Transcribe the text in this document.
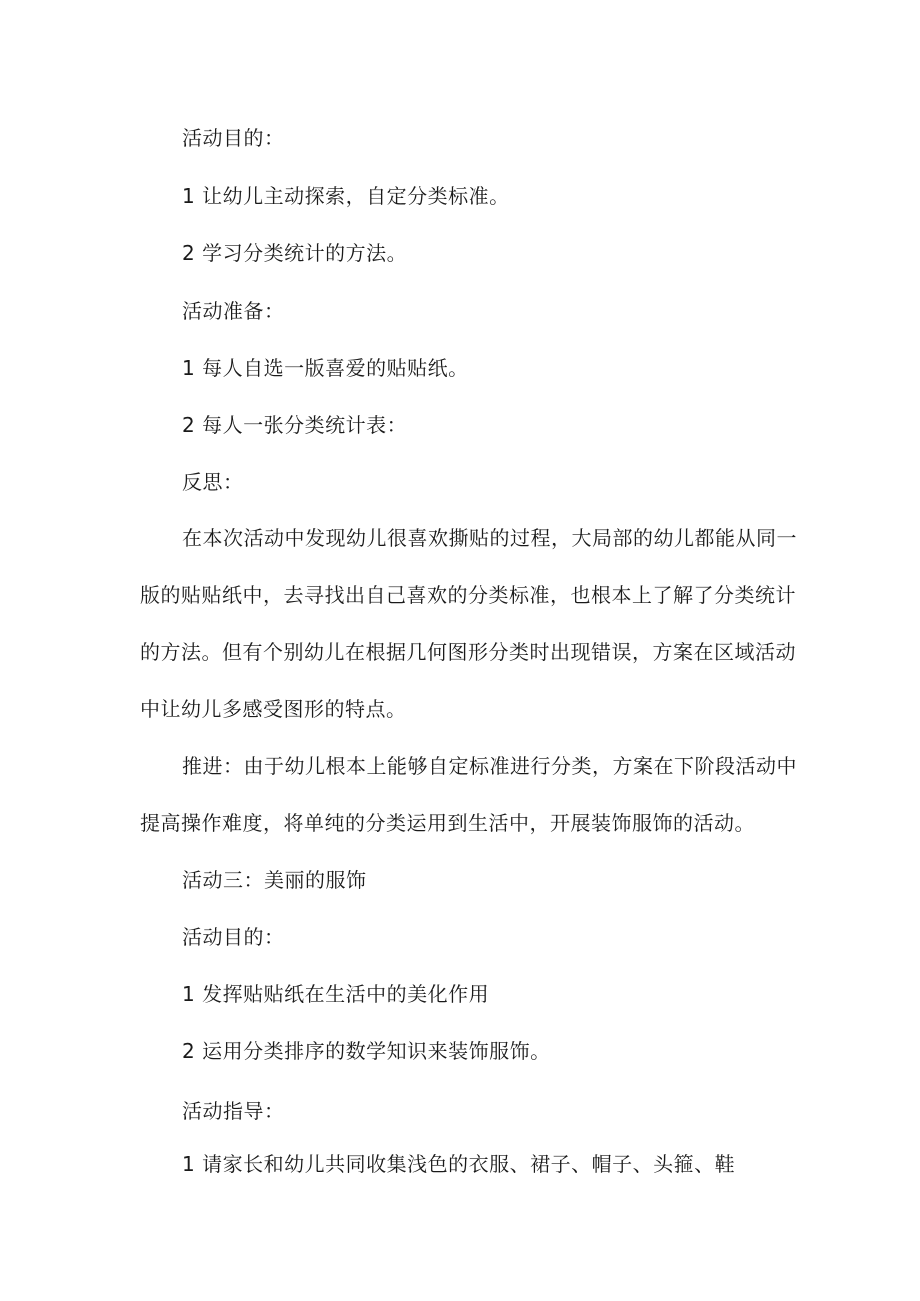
活动目的：
1 让幼儿主动探索，自定分类标准。
2 学习分类统计的方法。
活动准备：
1 每人自选一版喜爱的贴贴纸。
2 每人一张分类统计表：
反思：
在本次活动中发现幼儿很喜欢撕贴的过程，大局部的幼儿都能从同一
版的贴贴纸中，去寻找出自己喜欢的分类标准，也根本上了解了分类统计
的方法。但有个别幼儿在根据几何图形分类时出现错误，方案在区域活动
中让幼儿多感受图形的特点。
推进：由于幼儿根本上能够自定标准进行分类，方案在下阶段活动中
提高操作难度，将单纯的分类运用到生活中，开展装饰服饰的活动。
活动三：美丽的服饰
活动目的：
1 发挥贴贴纸在生活中的美化作用
2 运用分类排序的数学知识来装饰服饰。
活动指导：
1 请家长和幼儿共同收集浅色的衣服、裙子、帽子、头箍、鞋
